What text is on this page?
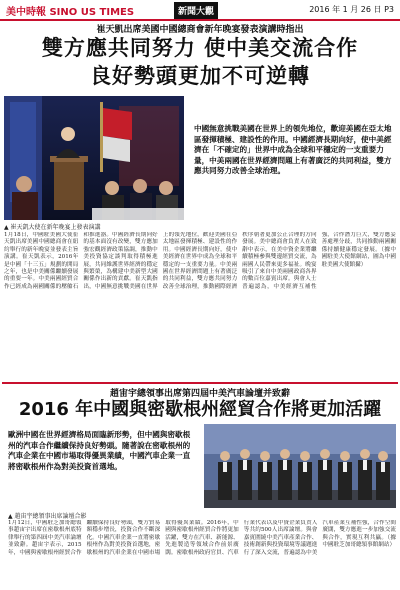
美中時報 SINO US TIMES	新聞大觀	2016 年 1 月 26 日 P3
崔天凱出席美國中國總商會新年晚宴發表演講時指出
雙方應共同努力 使中美交流合作
良好勢頭更加不可逆轉
▲ 崔天凱大使在新年晚宴上發表演講
中國無意挑戰美國在世界上的領先地位，歡迎美國在亞太地區發揮積極、建設性的作用。中國經濟長期向好，使中美經濟在「不確定的」世界中成為全球和平穩定的一支重要力量，中美兩國在世界經濟問題上有著廣泛的共同利益，雙方應共同努力改善全球治理。
1月18日，中國駐美國大使崔天凱出席美國中國總商會在紐約舉行的新年晚宴並發表主旨演講。崔天凱表示，2016年是中國「十三五」規劃的開局之年，也是中美關係繼續發展的重要一年。中美兩國經貿合作已經成為兩國關係的壓艙石和推進器。中國經濟長期向好的基本面沒有改變，雙方應加強宏觀經濟政策協調，推動中美投資協定談判取得積極進展，共同維護世界經濟的穩定與繁榮，為構建中美新型大國關係作出新的貢獻。崔天凱指出，中國無意挑戰美國在世界上的領先地位，歡迎美國在亞太地區發揮積極、建設性的作用。中國經濟長期向好，使中美經濟在世界中成為全球和平穩定的一支重要力量。中美兩國在世界經濟問題上有著廣泛的共同利益，雙方應共同努力改善全球治理，推動國際經濟秩序朝著更加公正合理的方向發展。美中總商會負責人在致辭中表示，在美中資企業將繼續積極參與雙邊經貿交流，為兩國人民帶來更多福祉。晚宴吸引了來自中美兩國政商各界的數百位嘉賓出席。與會人士普遍認為，中美經濟互補性強，合作潛力巨大，雙方應妥善處理分歧，共同推動兩國關係持續健康穩定發展。（據中國駐美大使館網站，圖為中國駐美國大使館攝）
趙宙宇總領事出席第四屆中美汽車論壇并致辭
2016 年中國與密歇根州經貿合作將更加活躍
歐洲中國在世界經濟格局面臨新形勢，但中國與密歇根州的汽車合作繼續保持良好勢頭。隨著說在密歇根州的汽車企業在中國市場取得優異業績，中國汽車企業一直將密歇根州作為對美投資首選地。
▲ 趙宙宇總領事出席論壇合影
1月12日，中國駐芝加哥總領事趙宙宇出席在密歇根州底特律舉行的第四屆中美汽車論壇並致辭。趙宙宇表示，2015年，中國與密歇根州經貿合作繼續保持良好勢頭，雙方貿易額穩步增長，投資合作不斷深化。中國汽車企業一直將密歇根州作為對美投資首選地，密歇根州的汽車企業在中國市場取得優異業績。2016年，中國與密歇根州經貿合作將更加活躍，雙方在汽車、新能源、先進製造等領域合作前景廣闊。密歇根州政府官員、汽車行業代表以及中資企業負責人等共約500人出席論壇。與會嘉賓圍繞中美汽車產業合作、技術創新與投資環境等議題進行了深入交流，普遍認為中美汽車產業互補性強，合作空間廣闊，雙方應進一步加強交流與合作，實現互利共贏。（據中國駐芝加哥總領事館網站）
